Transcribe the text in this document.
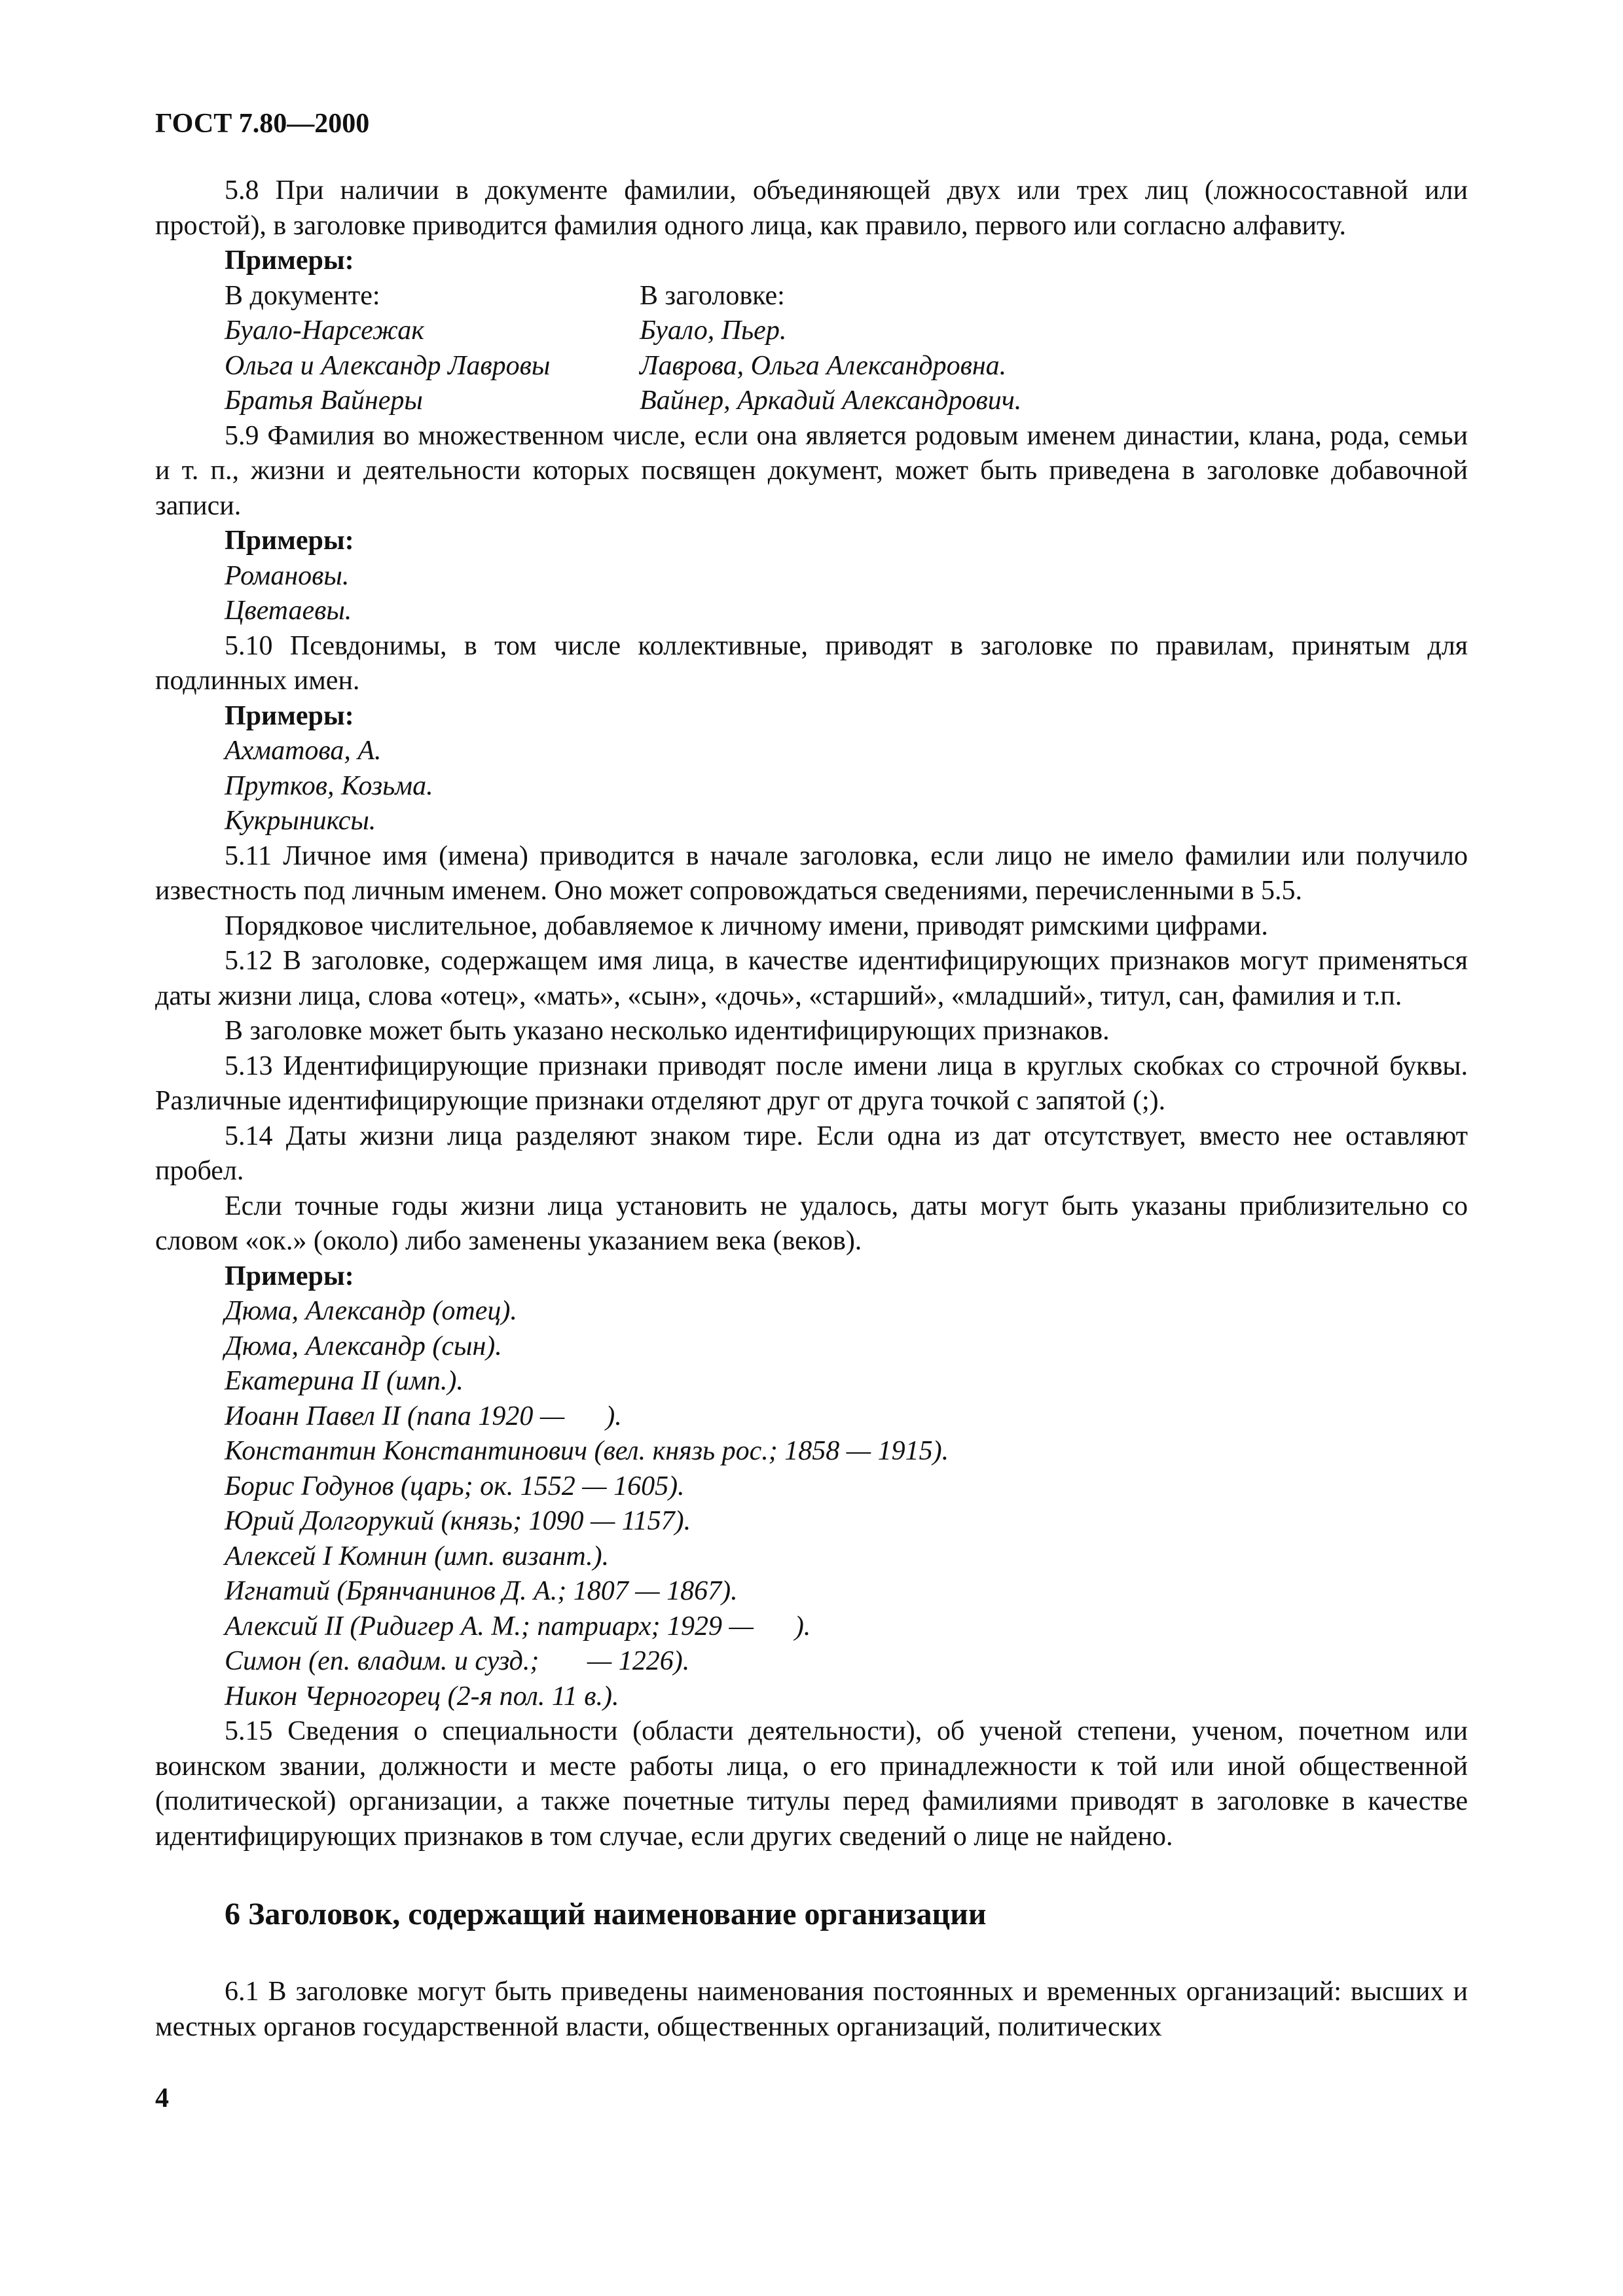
ГОСТ 7.80—2000

5.8 При наличии в документе фамилии, объединяющей двух или трех лиц (ложносоставной или простой), в заголовке приводится фамилия одного лица, как правило, первого или согласно алфавиту.

Примеры:

В документе:	В заголовке:
Буало-Нарсежак	Буало, Пьер.
Ольга и Александр Лавровы	Лаврова, Ольга Александровна.
Братья Вайнеры	Вайнер, Аркадий Александрович.

5.9 Фамилия во множественном числе, если она является родовым именем династии, клана, рода, семьи и т. п., жизни и деятельности которых посвящен документ, может быть приведена в заголовке добавочной записи.

Примеры:

Романовы.

Цветаевы.

5.10 Псевдонимы, в том числе коллективные, приводят в заголовке по правилам, принятым для подлинных имен.

Примеры:

Ахматова, А.

Прутков, Козьма.

Кукрыниксы.

5.11 Личное имя (имена) приводится в начале заголовка, если лицо не имело фамилии или получило известность под личным именем. Оно может сопровождаться сведениями, перечисленными в 5.5.

Порядковое числительное, добавляемое к личному имени, приводят римскими цифрами.

5.12 В заголовке, содержащем имя лица, в качестве идентифицирующих признаков могут применяться даты жизни лица, слова «отец», «мать», «сын», «дочь», «старший», «младший», титул, сан, фамилия и т.п.

В заголовке может быть указано несколько идентифицирующих признаков.

5.13 Идентифицирующие признаки приводят после имени лица в круглых скобках со строчной буквы. Различные идентифицирующие признаки отделяют друг от друга точкой с запятой (;).

5.14 Даты жизни лица разделяют знаком тире. Если одна из дат отсутствует, вместо нее оставляют пробел.

Если точные годы жизни лица установить не удалось, даты могут быть указаны приблизительно со словом «ок.» (около) либо заменены указанием века (веков).

Примеры:

Дюма, Александр (отец).

Дюма, Александр (сын).

Екатерина II (имп.).

Иоанн Павел II (папа 1920 —      ).

Константин Константинович (вел. князь рос.; 1858 — 1915).

Борис Годунов (царь; ок. 1552 — 1605).

Юрий Долгорукий (князь; 1090 — 1157).

Алексей I Комнин (имп. визант.).

Игнатий (Брянчанинов Д. А.; 1807 — 1867).

Алексий II (Ридигер А. М.; патриарх; 1929 —      ).

Симон (еп. владим. и сузд.;       — 1226).

Никон Черногорец (2-я пол. 11 в.).

5.15 Сведения о специальности (области деятельности), об ученой степени, ученом, почетном или воинском звании, должности и месте работы лица, о его принадлежности к той или иной общественной (политической) организации, а также почетные титулы перед фамилиями приводят в заголовке в качестве идентифицирующих признаков в том случае, если других сведений о лице не найдено.

6 Заголовок, содержащий наименование организации

6.1 В заголовке могут быть приведены наименования постоянных и временных организаций: высших и местных органов государственной власти, общественных организаций, политических

4
